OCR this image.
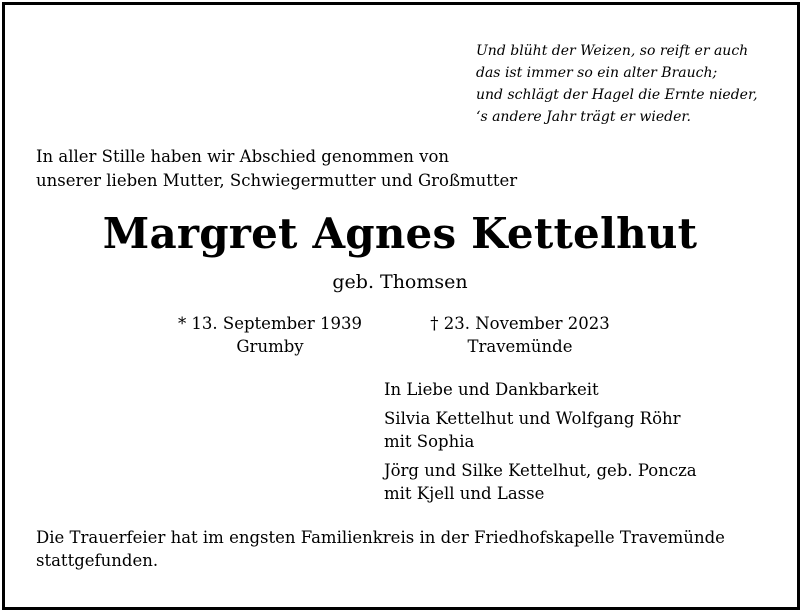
Und blüht der Weizen, so reift er auch
das ist immer so ein alter Brauch;
und schlägt der Hagel die Ernte nieder,
‘s andere Jahr trägt er wieder.
In aller Stille haben wir Abschied genommen von
unserer lieben Mutter, Schwiegermutter und Großmutter
Margret Agnes Kettelhut
geb. Thomsen
* 13. September 1939
Grumby
† 23. November 2023
Travemünde
In Liebe und Dankbarkeit
Silvia Kettelhut und Wolfgang Röhr
mit Sophia
Jörg und Silke Kettelhut, geb. Poncza
mit Kjell und Lasse
Die Trauerfeier hat im engsten Familienkreis in der Friedhofskapelle Travemünde stattgefunden.
